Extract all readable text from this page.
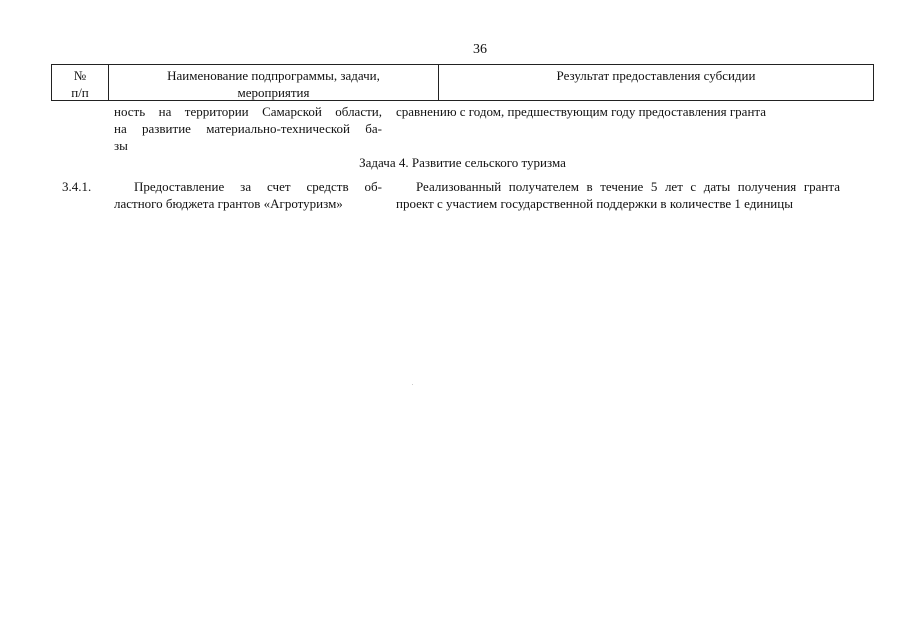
36
№
п/п
Наименование подпрограммы, задачи,
мероприятия
Результат предоставления субсидии
ность на территории Самарской области,
на развитие материально-технической ба-
зы
сравнению с годом, предшествующим году предоставления гранта
Задача 4. Развитие сельского туризма
3.4.1.	Предоставление за счет средств об-
ластного бюджета грантов «Агротуризм»
Реализованный получателем в течение 5 лет с даты получения гранта
проект с участием государственной поддержки в количестве 1 единицы
